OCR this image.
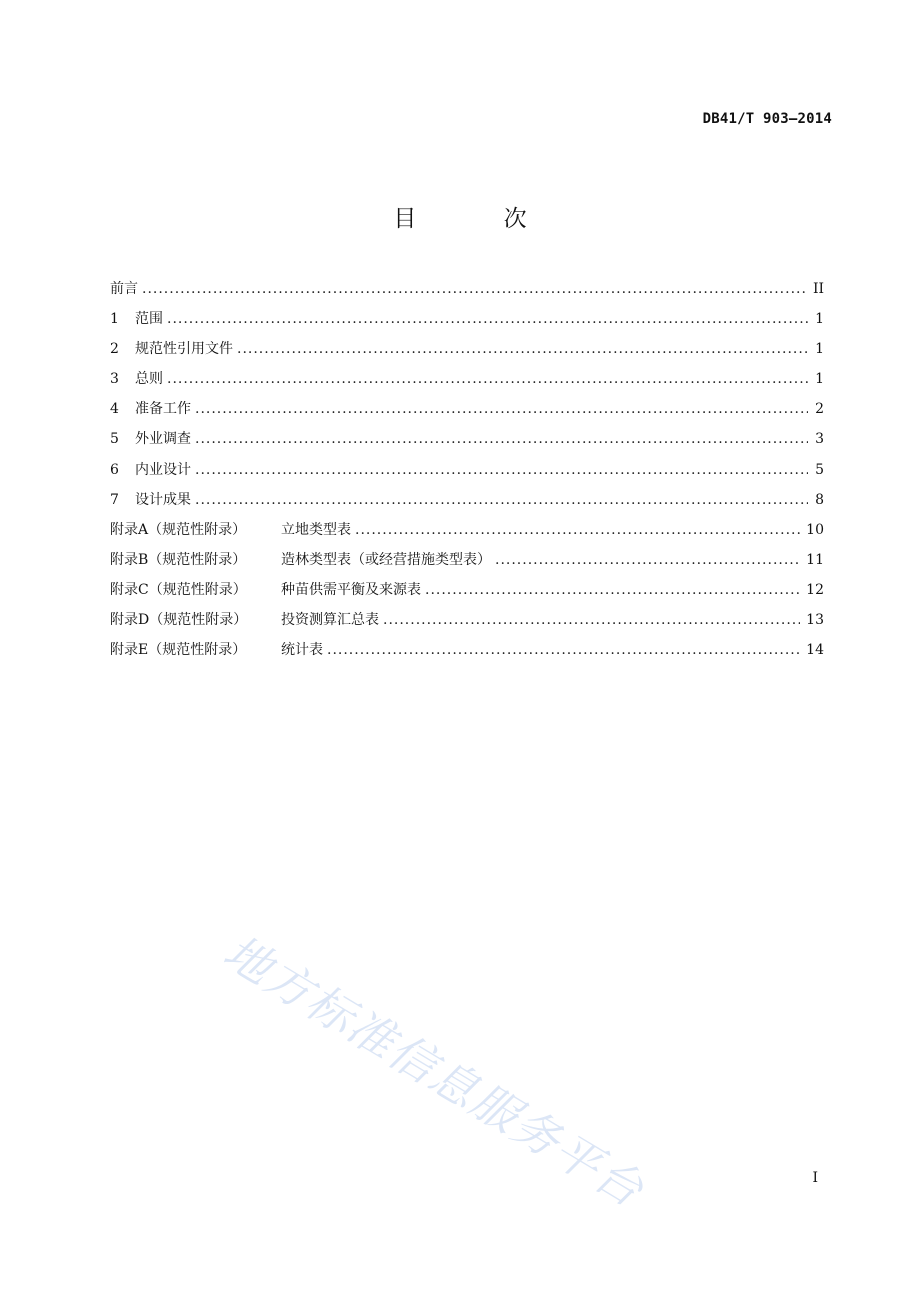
DB41/T 903—2014
目 次
前言 .....	II
1	范围 .....	1
2	规范性引用文件 .....	1
3	总则 .....	1
4	准备工作 .....	2
5	外业调查 .....	3
6	内业设计 .....	5
7	设计成果 .....	8
附录A（规范性附录）	立地类型表 .....	10
附录B（规范性附录）	造林类型表（或经营措施类型表） .....	11
附录C（规范性附录）	种苗供需平衡及来源表 .....	12
附录D（规范性附录）	投资测算汇总表 .....	13
附录E（规范性附录）	统计表 .....	14
地方标准信息服务平台	I
